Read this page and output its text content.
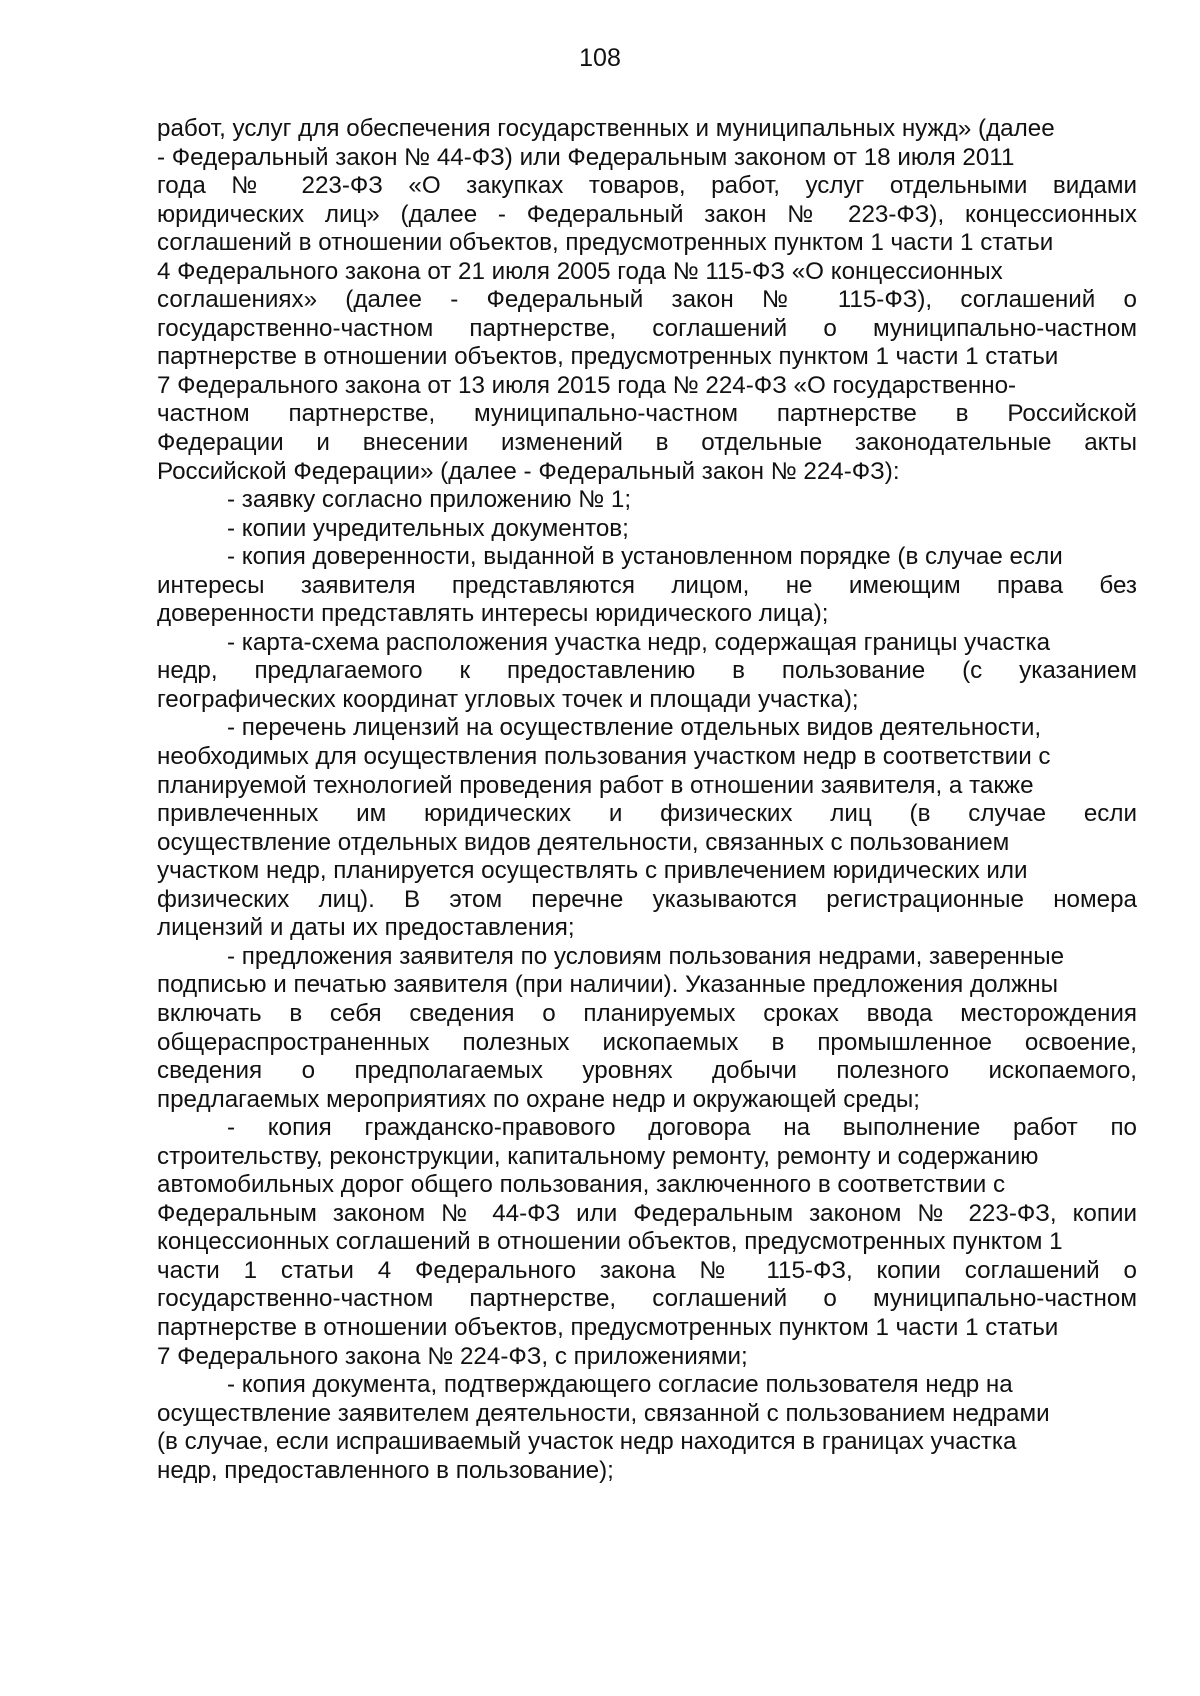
108
работ, услуг для обеспечения государственных и муниципальных нужд» (далее
- Федеральный закон № 44-ФЗ) или Федеральным законом от 18 июля 2011
года № 223-ФЗ «О закупках товаров, работ, услуг отдельными видами
юридических лиц» (далее - Федеральный закон № 223-ФЗ), концессионных
соглашений в отношении объектов, предусмотренных пунктом 1 части 1 статьи
4 Федерального закона от 21 июля 2005 года № 115-ФЗ «О концессионных
соглашениях» (далее - Федеральный закон № 115-ФЗ), соглашений о
государственно-частном партнерстве, соглашений о муниципально-частном
партнерстве в отношении объектов, предусмотренных пунктом 1 части 1 статьи
7 Федерального закона от 13 июля 2015 года № 224-ФЗ «О государственно-
частном партнерстве, муниципально-частном партнерстве в Российской
Федерации и внесении изменений в отдельные законодательные акты
Российской Федерации» (далее - Федеральный закон № 224-ФЗ):
- заявку согласно приложению № 1;
- копии учредительных документов;
- копия доверенности, выданной в установленном порядке (в случае если
интересы заявителя представляются лицом, не имеющим права без
доверенности представлять интересы юридического лица);
- карта-схема расположения участка недр, содержащая границы участка
недр, предлагаемого к предоставлению в пользование (с указанием
географических координат угловых точек и площади участка);
- перечень лицензий на осуществление отдельных видов деятельности,
необходимых для осуществления пользования участком недр в соответствии с
планируемой технологией проведения работ в отношении заявителя, а также
привлеченных им юридических и физических лиц (в случае если
осуществление отдельных видов деятельности, связанных с пользованием
участком недр, планируется осуществлять с привлечением юридических или
физических лиц). В этом перечне указываются регистрационные номера
лицензий и даты их предоставления;
- предложения заявителя по условиям пользования недрами, заверенные
подписью и печатью заявителя (при наличии). Указанные предложения должны
включать в себя сведения о планируемых сроках ввода месторождения
общераспространенных полезных ископаемых в промышленное освоение,
сведения о предполагаемых уровнях добычи полезного ископаемого,
предлагаемых мероприятиях по охране недр и окружающей среды;
- копия гражданско-правового договора на выполнение работ по
строительству, реконструкции, капитальному ремонту, ремонту и содержанию
автомобильных дорог общего пользования, заключенного в соответствии с
Федеральным законом № 44-ФЗ или Федеральным законом № 223-ФЗ, копии
концессионных соглашений в отношении объектов, предусмотренных пунктом 1
части 1 статьи 4 Федерального закона № 115-ФЗ, копии соглашений о
государственно-частном партнерстве, соглашений о муниципально-частном
партнерстве в отношении объектов, предусмотренных пунктом 1 части 1 статьи
7 Федерального закона № 224-ФЗ, с приложениями;
- копия документа, подтверждающего согласие пользователя недр на
осуществление заявителем деятельности, связанной с пользованием недрами
(в случае, если испрашиваемый участок недр находится в границах участка
недр, предоставленного в пользование);
